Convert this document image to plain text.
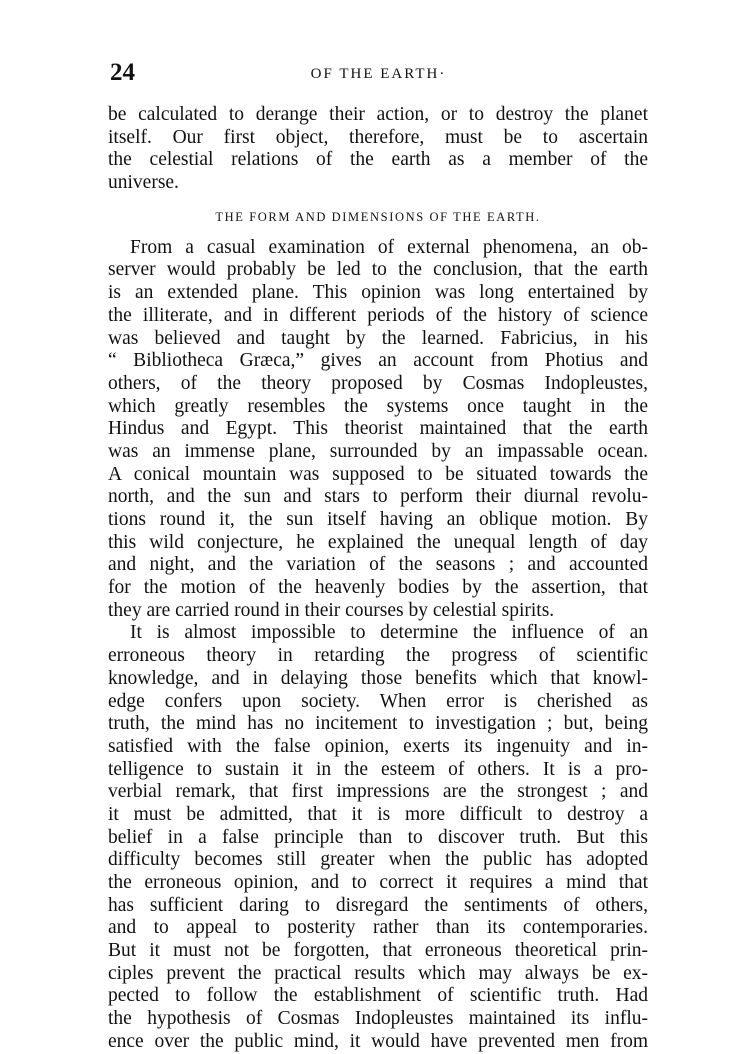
24	OF THE EARTH·
be calculated to derange their action, or to destroy the planet
itself. Our first object, therefore, must be to ascertain
the celestial relations of the earth as a member of the
universe.
THE FORM AND DIMENSIONS OF THE EARTH.
From a casual examination of external phenomena, an ob-
server would probably be led to the conclusion, that the earth
is an extended plane. This opinion was long entertained by
the illiterate, and in different periods of the history of science
was believed and taught by the learned. Fabricius, in his
“ Bibliotheca Græca,” gives an account from Photius and
others, of the theory proposed by Cosmas Indopleustes,
which greatly resembles the systems once taught in the
Hindus and Egypt. This theorist maintained that the earth
was an immense plane, surrounded by an impassable ocean.
A conical mountain was supposed to be situated towards the
north, and the sun and stars to perform their diurnal revolu-
tions round it, the sun itself having an oblique motion. By
this wild conjecture, he explained the unequal length of day
and night, and the variation of the seasons ; and accounted
for the motion of the heavenly bodies by the assertion, that
they are carried round in their courses by celestial spirits.
It is almost impossible to determine the influence of an
erroneous theory in retarding the progress of scientific
knowledge, and in delaying those benefits which that knowl-
edge confers upon society. When error is cherished as
truth, the mind has no incitement to investigation ; but, being
satisfied with the false opinion, exerts its ingenuity and in-
telligence to sustain it in the esteem of others. It is a pro-
verbial remark, that first impressions are the strongest ; and
it must be admitted, that it is more difficult to destroy a
belief in a false principle than to discover truth. But this
difficulty becomes still greater when the public has adopted
the erroneous opinion, and to correct it requires a mind that
has sufficient daring to disregard the sentiments of others,
and to appeal to posterity rather than its contemporaries.
But it must not be forgotten, that erroneous theoretical prin-
ciples prevent the practical results which may always be ex-
pected to follow the establishment of scientific truth. Had
the hypothesis of Cosmas Indopleustes maintained its influ-
ence over the public mind, it would have prevented men from
